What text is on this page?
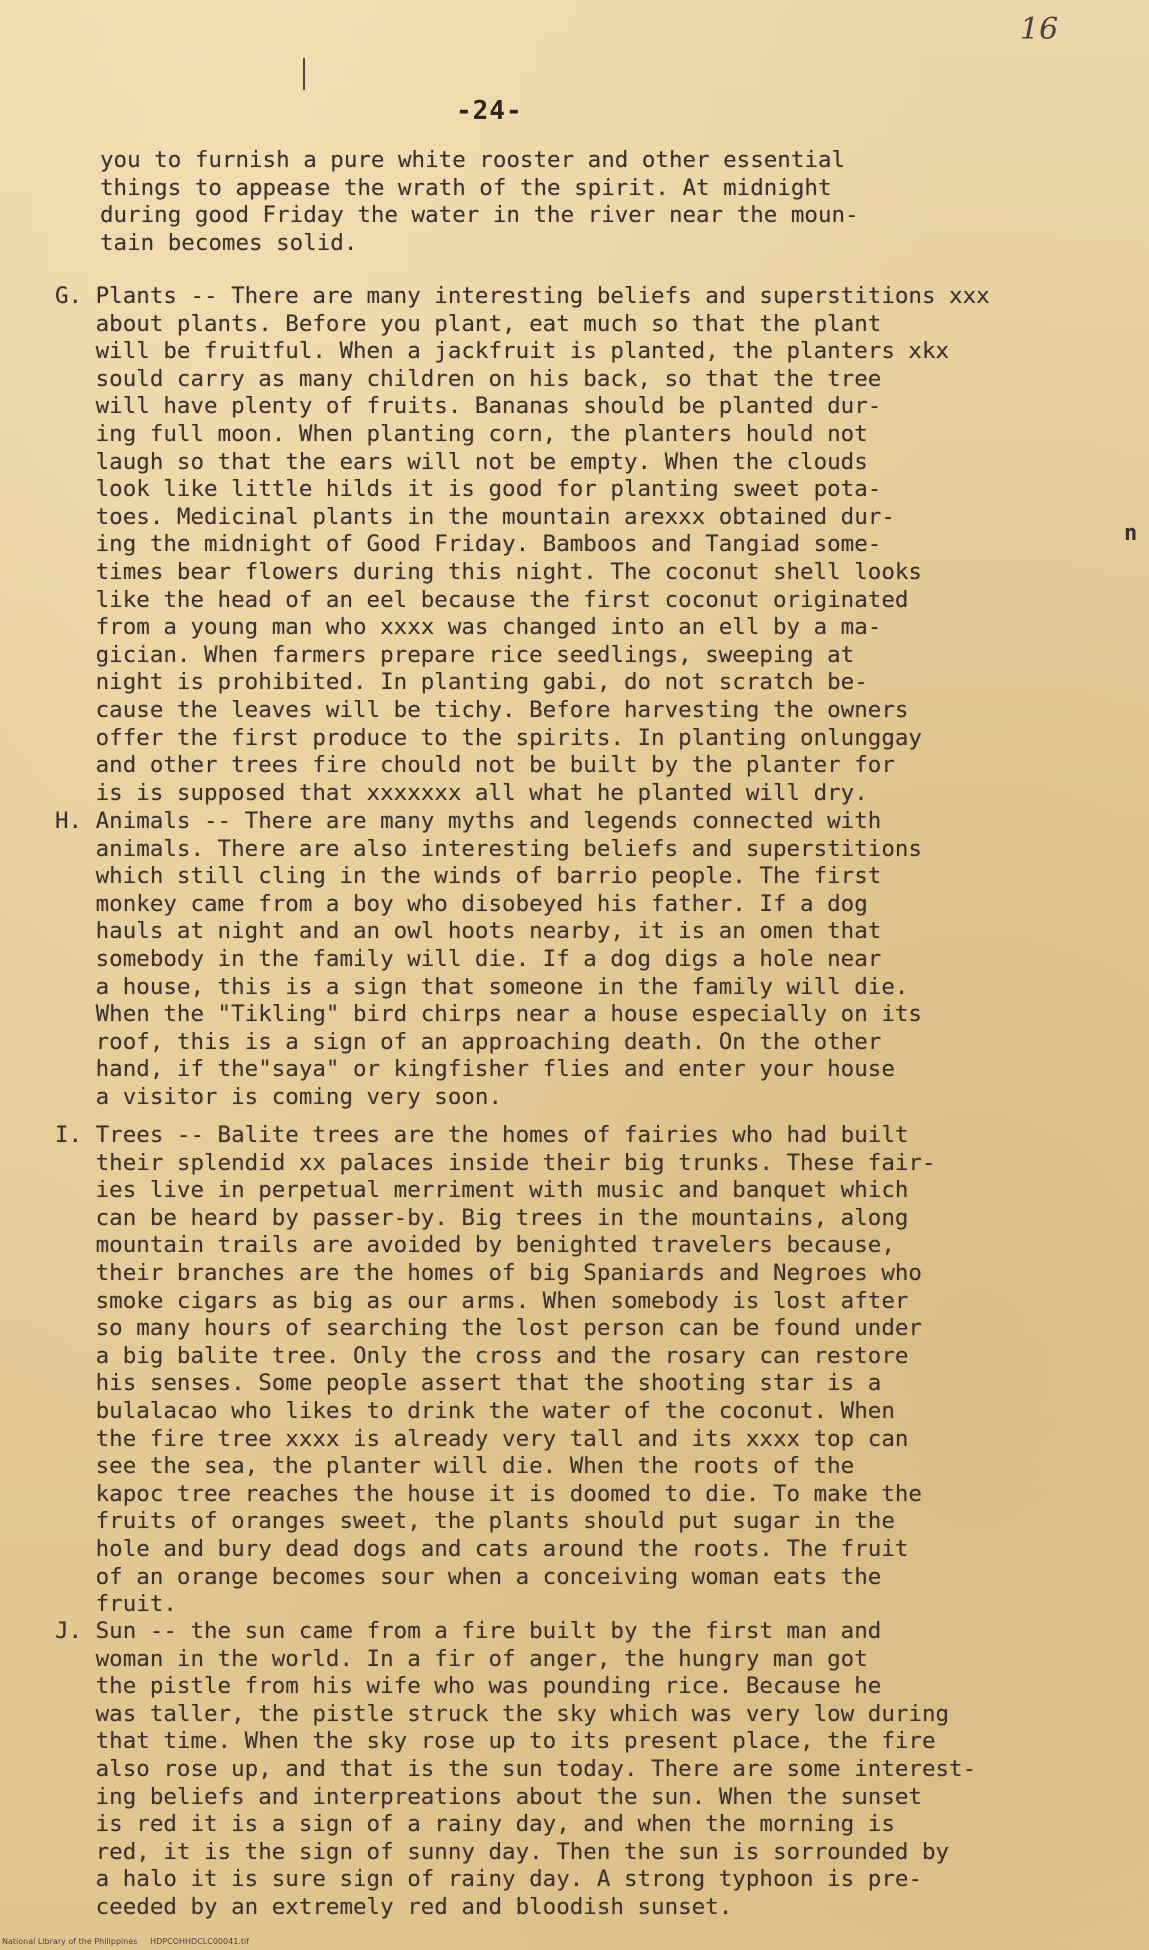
16
-24-
n

you to furnish a pure white rooster and other essential
things to appease the wrath of the spirit. At midnight
during good Friday the water in the river near the moun-
tain becomes solid.

G. Plants -- There are many interesting beliefs and superstitions xxx
about plants. Before you plant, eat much so that the plant
will be fruitful. When a jackfruit is planted, the planters xkx
sould carry as many children on his back, so that the tree
will have plenty of fruits. Bananas should be planted dur-
ing full moon. When planting corn, the planters hould not
laugh so that the ears will not be empty. When the clouds
look like little hilds it is good for planting sweet pota-
toes. Medicinal plants in the mountain arexxx obtained dur-
ing the midnight of Good Friday. Bamboos and Tangiad some-
times bear flowers during this night. The coconut shell looks
like the head of an eel because the first coconut originated
from a young man who xxxx was changed into an ell by a ma-
gician. When farmers prepare rice seedlings, sweeping at
night is prohibited. In planting gabi, do not scratch be-
cause the leaves will be tichy. Before harvesting the owners
offer the first produce to the spirits. In planting onlunggay
and other trees fire chould not be built by the planter for
is is supposed that xxxxxxx all what he planted will dry.

H. Animals -- There are many myths and legends connected with
animals. There are also interesting beliefs and superstitions
which still cling in the winds of barrio people. The first
monkey came from a boy who disobeyed his father. If a dog
hauls at night and an owl hoots nearby, it is an omen that
somebody in the family will die. If a dog digs a hole near
a house, this is a sign that someone in the family will die.
When the "Tikling" bird chirps near a house especially on its
roof, this is a sign of an approaching death. On the other
hand, if the"saya" or kingfisher flies and enter your house
a visitor is coming very soon.

I. Trees -- Balite trees are the homes of fairies who had built
their splendid xx palaces inside their big trunks. These fair-
ies live in perpetual merriment with music and banquet which
can be heard by passer-by. Big trees in the mountains, along
mountain trails are avoided by benighted travelers because,
their branches are the homes of big Spaniards and Negroes who
smoke cigars as big as our arms. When somebody is lost after
so many hours of searching the lost person can be found under
a big balite tree. Only the cross and the rosary can restore
his senses. Some people assert that the shooting star is a
bulalacao who likes to drink the water of the coconut. When
the fire tree xxxx is already very tall and its xxxx top can
see the sea, the planter will die. When the roots of the
kapoc tree reaches the house it is doomed to die. To make the
fruits of oranges sweet, the plants should put sugar in the
hole and bury dead dogs and cats around the roots. The fruit
of an orange becomes sour when a conceiving woman eats the
fruit.

J. Sun -- the sun came from a fire built by the first man and
woman in the world. In a fir of anger, the hungry man got
the pistle from his wife who was pounding rice. Because he
was taller, the pistle struck the sky which was very low during
that time. When the sky rose up to its present place, the fire
also rose up, and that is the sun today. There are some interest-
ing beliefs and interpreations about the sun. When the sunset
is red it is a sign of a rainy day, and when the morning is
red, it is the sign of sunny day. Then the sun is sorrounded by
a halo it is sure sign of rainy day. A strong typhoon is pre-
ceeded by an extremely red and bloodish sunset.

National Library of the Philippines HDPCOHHDCLC00041.tif
